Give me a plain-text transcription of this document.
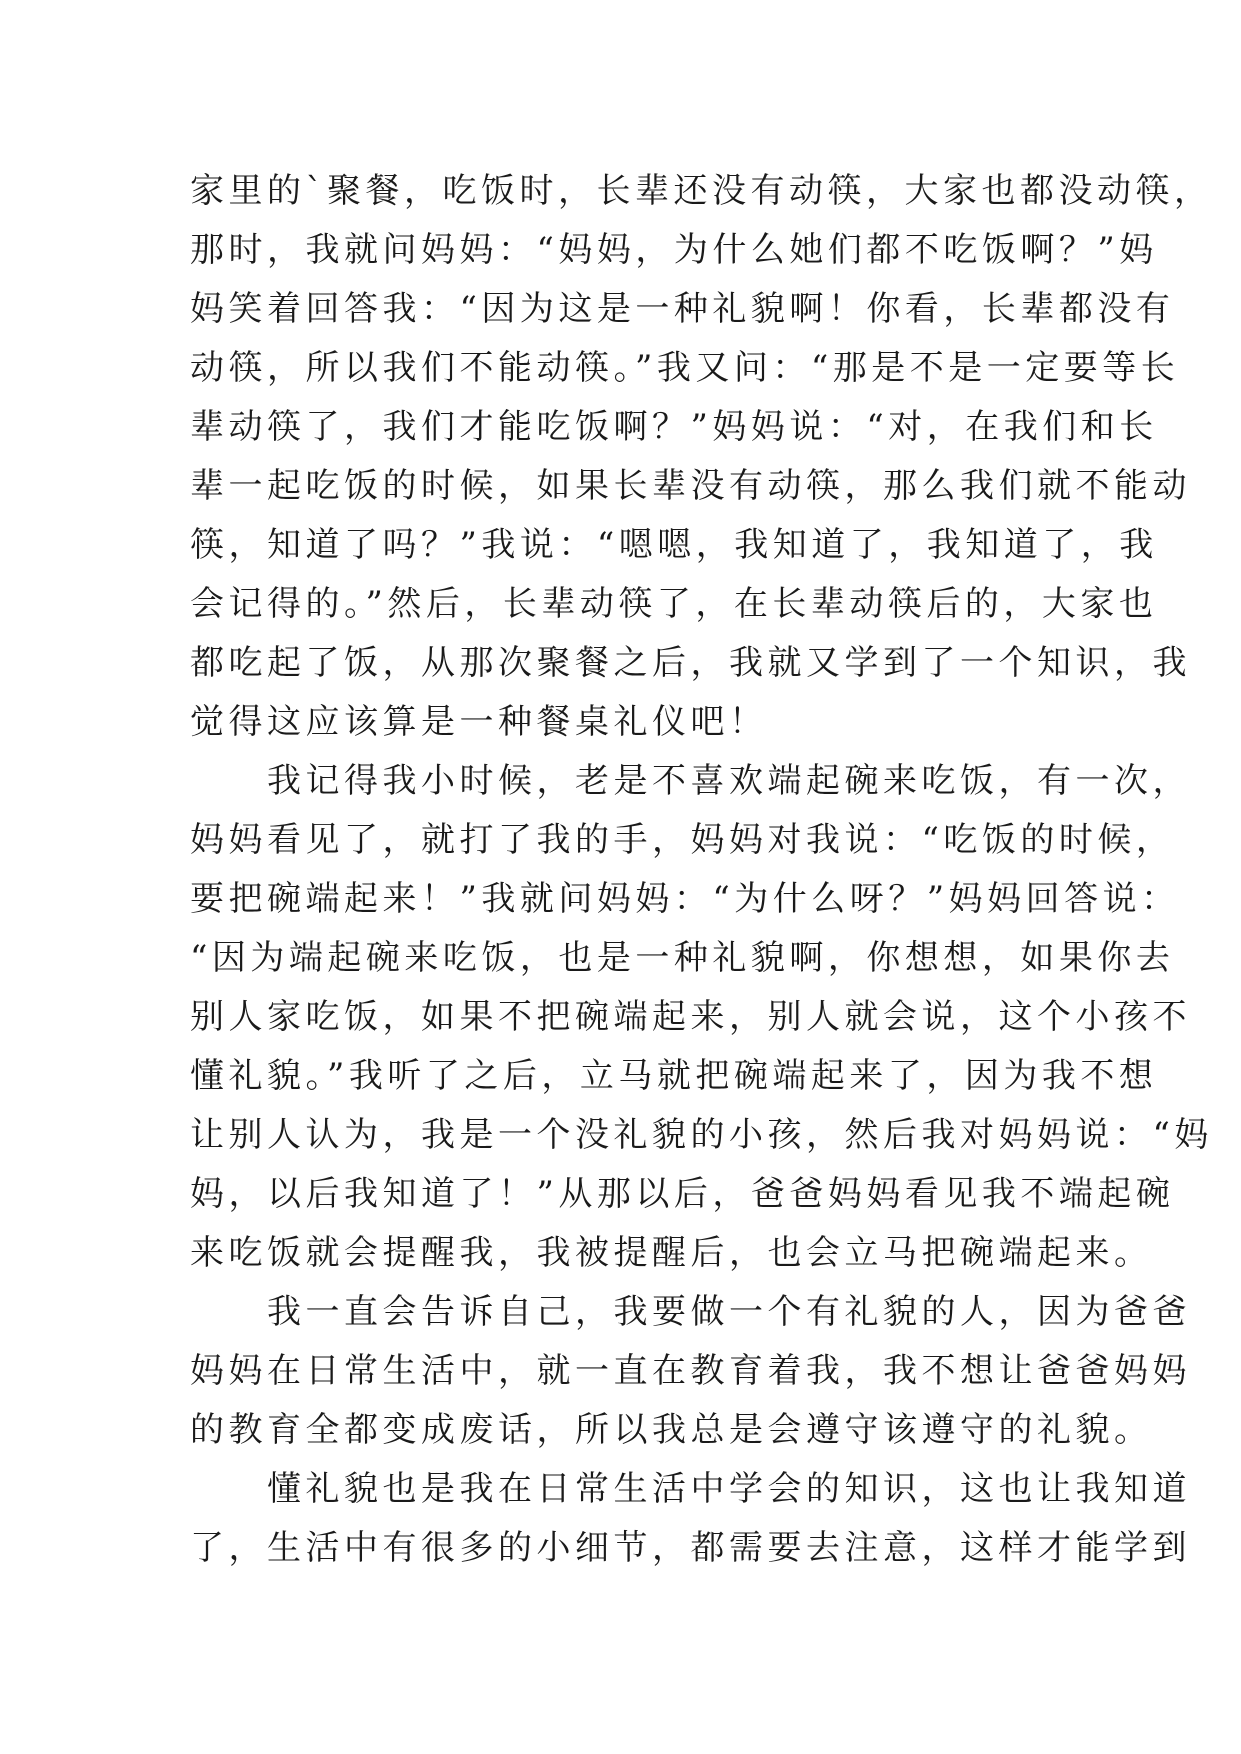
家里的`聚餐，吃饭时，长辈还没有动筷，大家也都没动筷，
那时，我就问妈妈：“妈妈，为什么她们都不吃饭啊？”妈
妈笑着回答我：“因为这是一种礼貌啊！你看，长辈都没有
动筷，所以我们不能动筷。”我又问：“那是不是一定要等长
辈动筷了，我们才能吃饭啊？”妈妈说：“对，在我们和长
辈一起吃饭的时候，如果长辈没有动筷，那么我们就不能动
筷，知道了吗？”我说：“嗯嗯，我知道了，我知道了，我
会记得的。”然后，长辈动筷了，在长辈动筷后的，大家也
都吃起了饭，从那次聚餐之后，我就又学到了一个知识，我
觉得这应该算是一种餐桌礼仪吧！
　　我记得我小时候，老是不喜欢端起碗来吃饭，有一次，
妈妈看见了，就打了我的手，妈妈对我说：“吃饭的时候，
要把碗端起来！”我就问妈妈：“为什么呀？”妈妈回答说：
“因为端起碗来吃饭，也是一种礼貌啊，你想想，如果你去
别人家吃饭，如果不把碗端起来，别人就会说，这个小孩不
懂礼貌。”我听了之后，立马就把碗端起来了，因为我不想
让别人认为，我是一个没礼貌的小孩，然后我对妈妈说：“妈
妈，以后我知道了！”从那以后，爸爸妈妈看见我不端起碗
来吃饭就会提醒我，我被提醒后，也会立马把碗端起来。
　　我一直会告诉自己，我要做一个有礼貌的人，因为爸爸
妈妈在日常生活中，就一直在教育着我，我不想让爸爸妈妈
的教育全都变成废话，所以我总是会遵守该遵守的礼貌。
　　懂礼貌也是我在日常生活中学会的知识，这也让我知道
了，生活中有很多的小细节，都需要去注意，这样才能学到
